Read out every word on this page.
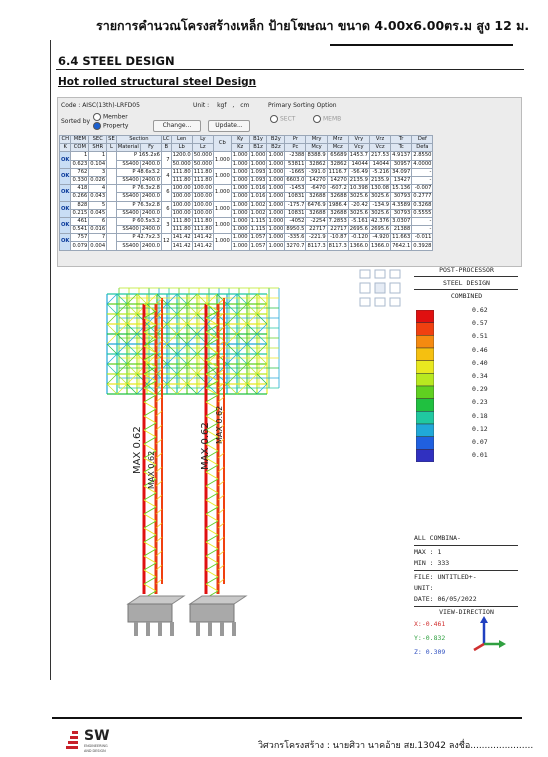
รายการคำนวณโครงสร้างเหล็ก ป้ายโฆษณา ขนาด 4.00x6.00ตร.ม สูง 12 ม.
6.4 STEEL DESIGN
Hot rolled structural steel Design
Code : AISC(13th)-LRFD05
Sorted by
Member
Property
Unit : kgf , cm
Change...	Update...
Primary Sorting Option
SECT	MEMB
CH	MEM	SEC	SE	Section		LC	Len	Ly	Cb	Ky	B1y	B2y	Pr	Mry	Mrz	Vry	Vrz	Tr	Def
K	COM	SHR	L	Material	Fy	B	Lb	Lz		Kz	B1z	B2z	Pc	Mcy	Mcz	Vcy	Vcz	Tc	Defa
OK	1	1		P 165.2x6		7	1200.0	50.000	1.000	1.000	1.000	1.000	-2388	8388.9	65689	1453.7	217.53	4.9137	2.8550
	0.623	0.104		SS400	2400.0		50.000	50.000		1.000	1.000	1.000	53811	32862	32862	14044	14044	30957	4.0000
OK	762	3		P 48.6x3.2		4	111.80	111.80	1.000	1.000	1.093	1.000	-1665	-391.0	1116.7	-56.49	-5.216	34.097	-
	0.330	0.026		SS400	2400.0		111.80	111.80		1.000	1.093	1.000	6603.0	14270	14270	2135.9	2135.9	13427	-
OK	418	4		P 76.3x2.8		6	100.00	100.00	1.000	1.000	1.016	1.000	-1453	-6470	-607.2	10.398	130.08	15.136	-0.007
	0.266	0.043		SS400	2400.0		100.00	100.00		1.000	1.016	1.000	10831	32688	32688	3025.6	3025.6	30793	0.2777
OK	828	5		P 76.3x2.8		6	100.00	100.00	1.000	1.000	1.002	1.000	-175.7	6476.9	1986.4	-20.42	-134.9	4.3589	0.3268
	0.215	0.045		SS400	2400.0		100.00	100.00		1.000	1.002	1.000	10831	32688	32688	3025.6	3025.6	30793	0.5555
OK	461	6		P 60.5x3.2		3	111.80	111.80	1.000	1.000	1.115	1.000	-4052	-2254	7.2853	-5.161	42.376	3.0307	-
	0.541	0.016		SS400	2400.0		111.80	111.80		1.000	1.115	1.000	8950.5	22717	22717	2695.6	2695.6	21388	-
OK	757	7		P 42.7x2.3		12	141.42	141.42	1.000	1.000	1.057	1.000	-335.6	-221.9	-10.87	-0.120	-4.920	11.663	-0.011
	0.079	0.004		SS400	2400.0		141.42	141.42		1.000	1.057	1.000	3270.7	8117.3	8117.3	1366.0	1366.0	7642.1	0.3928
MAX 0.62 MAX 0.62	MAX 0.62 MAX 0.62
POST-PROCESSOR
STEEL DESIGN
COMBINED
0.62
0.57
0.51
0.46
0.40
0.34
0.29
0.23
0.18
0.12
0.07
0.01
ALL COMBINA-
MAX : 1
MIN : 333
FILE: UNTITLED+-
UNIT:
DATE: 06/05/2022
VIEW-DIRECTION
X:-0.461
Y:-0.832
Z: 0.309
SW
ENGINEERING
AND DESIGN	วิศวกรโครงสร้าง : นายศิวา นาคอ้าย สย.13042 ลงชื่อ......................
